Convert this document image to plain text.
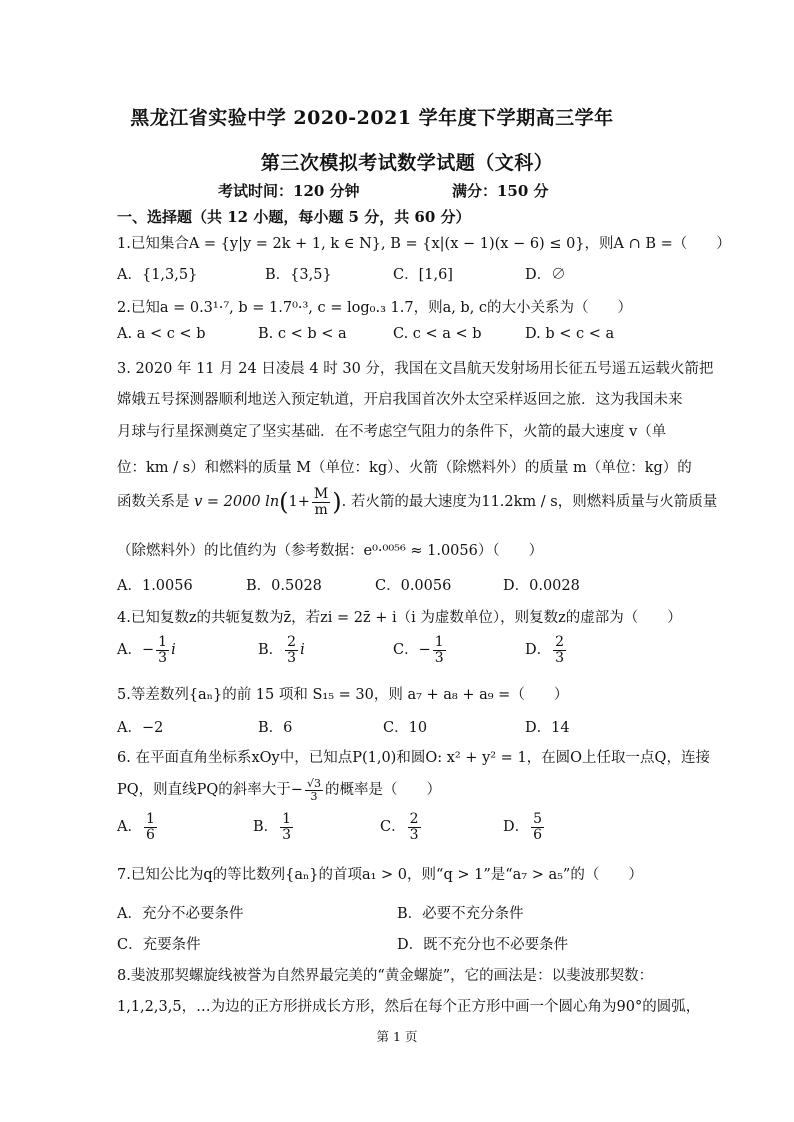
黑龙江省实验中学 2020-2021 学年度下学期高三学年
第三次模拟考试数学试题（文科）
考试时间：120 分钟	满分：150 分
一、选择题（共 12 小题，每小题 5 分，共 60 分）
1.已知集合A = {y|y = 2k + 1, k ∈ N}, B = {x|(x − 1)(x − 6) ≤ 0}，则A ∩ B =（　　）
A．{1,3,5}	B．{3,5}	C．[1,6]	D．∅
2.已知a = 0.3¹·⁷, b = 1.7⁰·³, c = log₀.₃ 1.7，则a, b, c的大小关系为（　　）
A. a < c < b	B. c < b < a	C. c < a < b	D. b < c < a
3. 2020 年 11 月 24 日凌晨 4 时 30 分，我国在文昌航天发射场用长征五号遥五运载火箭把
嫦娥五号探测器顺利地送入预定轨道，开启我国首次外太空采样返回之旅．这为我国未来
月球与行星探测奠定了坚实基础．在不考虑空气阻力的条件下，火箭的最大速度 v（单
位：km / s）和燃料的质量 M（单位：kg）、火箭（除燃料外）的质量 m（单位：kg）的
函数关系是 v = 2000 $\ln(1+ \frac{M}{m}$ ). 若火箭的最大速度为11.2km / s，则燃料质量与火箭质量
（除燃料外）的比值约为（参考数据：e⁰·⁰⁰⁵⁶ ≈ 1.0056）（　　）
A．1.0056	B．0.5028	C．0.0056	D．0.0028
4.已知复数z的共轭复数为z̄，若zi = 2z̄ + i（i 为虚数单位），则复数z的虚部为（　　）
A．− $\frac{1}{3}$ i	B． $\frac{2}{3}$ i	C．− $\frac{1}{3}$	D． $\frac{2}{3}$
5.等差数列{aₙ}的前 15 项和 S₁₅ = 30，则 a₇ + a₈ + a₉ =（　　）
A．−2	B．6	C．10	D．14
6. 在平面直角坐标系xOy中，已知点P(1,0)和圆O: x² + y² = 1，在圆O上任取一点Q，连接
PQ，则直线PQ的斜率大于− $\frac{√3}{3}$ 的概率是（　　）
A． $\frac{1}{6}$	B． $\frac{1}{3}$	C． $\frac{2}{3}$	D． $\frac{5}{6}$
7.已知公比为q的等比数列{aₙ}的首项a₁ > 0，则“q > 1”是“a₇ > a₅”的（　　）
A．充分不必要条件	B．必要不充分条件
C．充要条件	D．既不充分也不必要条件
8.斐波那契螺旋线被誉为自然界最完美的“黄金螺旋”，它的画法是：以斐波那契数：
1,1,2,3,5，…为边的正方形拼成长方形，然后在每个正方形中画一个圆心角为90°的圆弧，
第 1 页
